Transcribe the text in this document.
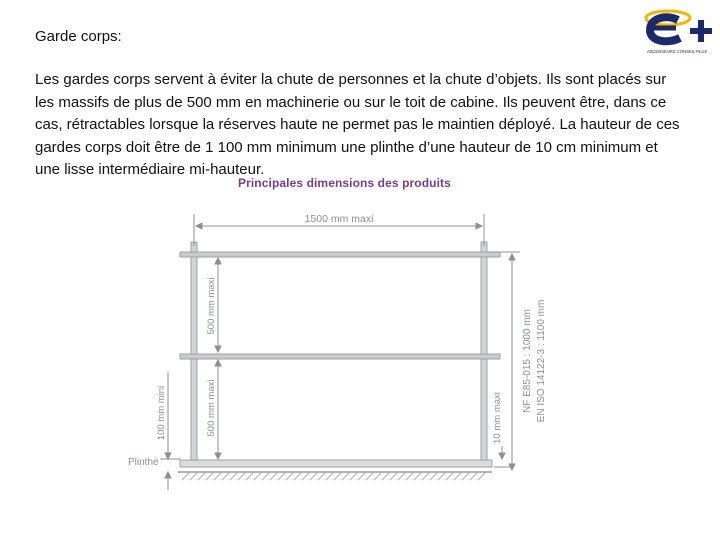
Garde corps:
Les gardes corps servent à éviter la chute de personnes et la chute d’objets. Ils sont placés sur les massifs de plus de 500 mm en machinerie ou sur le toit de cabine. Ils peuvent être, dans ce cas, rétractables lorsque la réserves haute ne permet pas le maintien déployé. La hauteur de ces gardes corps doit être de 1 100 mm minimum une plinthe d’une hauteur de 10 cm minimum et une lisse intermédiaire mi-hauteur.
ASCENSEURS CONSEIL PLUS
Principales dimensions des produits
1500 mm maxi
500 mm maxi
500 mm maxi
100 mm mini
Plinthe
10 mm maxi
NF E85-015 : 1000 mm EN ISO 14122-3 : 1100 mm
